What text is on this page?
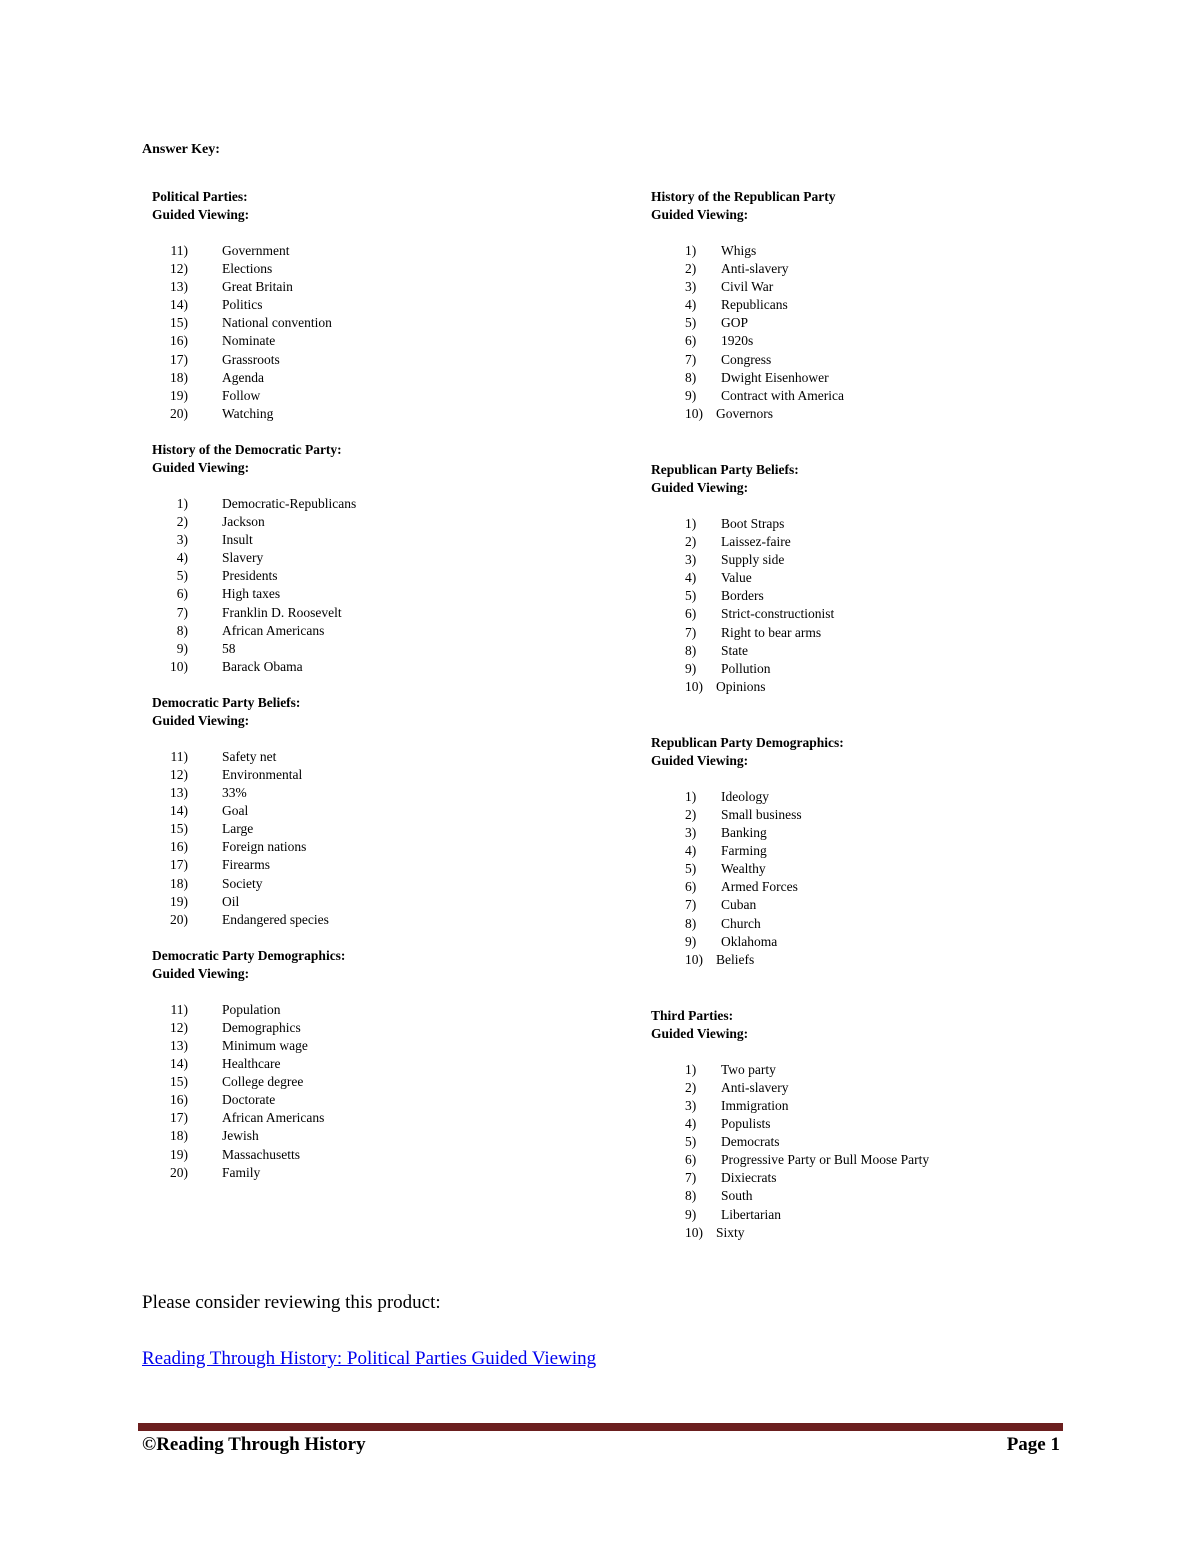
Answer Key:
Political Parties:
Guided Viewing:
11)	Government
12)	Elections
13)	Great Britain
14)	Politics
15)	National convention
16)	Nominate
17)	Grassroots
18)	Agenda
19)	Follow
20)	Watching
History of the Democratic Party:
Guided Viewing:
1)	Democratic-Republicans
2)	Jackson
3)	Insult
4)	Slavery
5)	Presidents
6)	High taxes
7)	Franklin D. Roosevelt
8)	African Americans
9)	58
10)	Barack Obama
Democratic Party Beliefs:
Guided Viewing:
11)	Safety net
12)	Environmental
13)	33%
14)	Goal
15)	Large
16)	Foreign nations
17)	Firearms
18)	Society
19)	Oil
20)	Endangered species
Democratic Party Demographics:
Guided Viewing:
11)	Population
12)	Demographics
13)	Minimum wage
14)	Healthcare
15)	College degree
16)	Doctorate
17)	African Americans
18)	Jewish
19)	Massachusetts
20)	Family
History of the Republican Party
Guided Viewing:
1) Whigs
2) Anti-slavery
3) Civil War
4) Republicans
5) GOP
6) 1920s
7) Congress
8) Dwight Eisenhower
9) Contract with America
10) Governors
Republican Party Beliefs:
Guided Viewing:
1) Boot Straps
2) Laissez-faire
3) Supply side
4) Value
5) Borders
6) Strict-constructionist
7) Right to bear arms
8) State
9) Pollution
10) Opinions
Republican Party Demographics:
Guided Viewing:
1) Ideology
2) Small business
3) Banking
4) Farming
5) Wealthy
6) Armed Forces
7) Cuban
8) Church
9) Oklahoma
10) Beliefs
Third Parties:
Guided Viewing:
1) Two party
2) Anti-slavery
3) Immigration
4) Populists
5) Democrats
6) Progressive Party or Bull Moose Party
7) Dixiecrats
8) South
9) Libertarian
10) Sixty
Please consider reviewing this product:
Reading Through History: Political Parties Guided Viewing
©Reading Through History	Page 1
